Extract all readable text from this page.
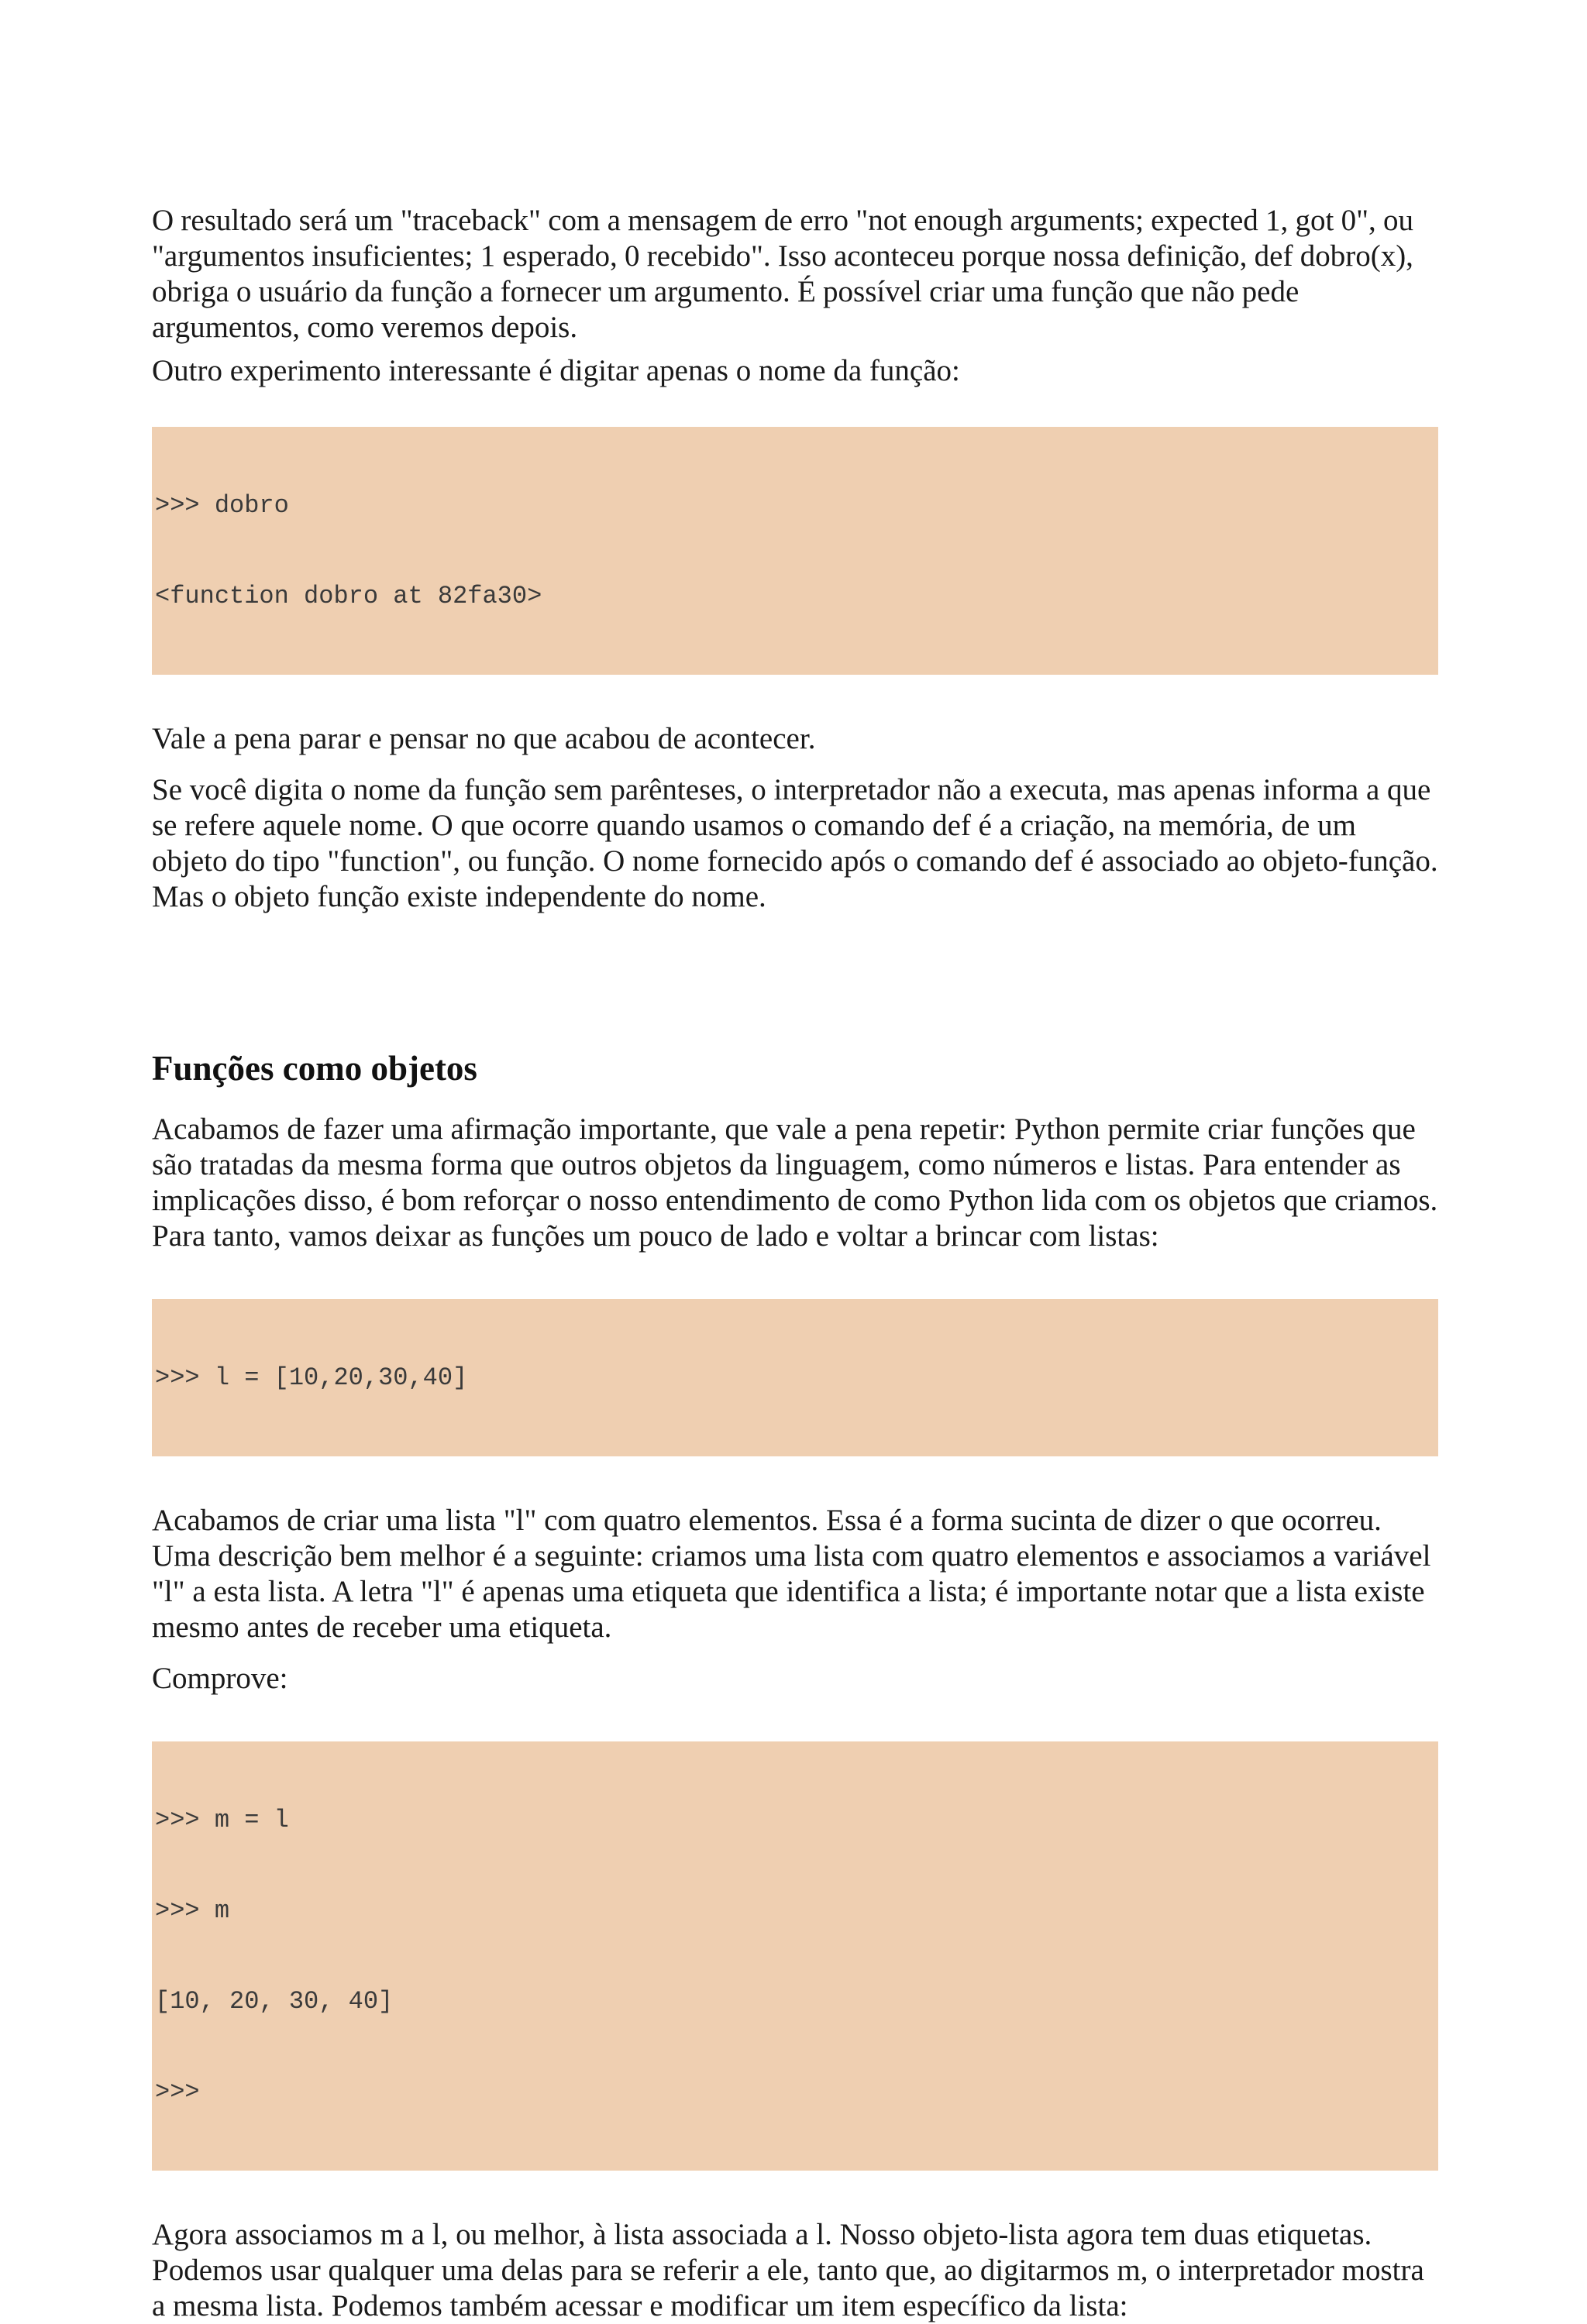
O resultado será um "traceback" com a mensagem de erro "not enough arguments; expected 1, got 0", ou "argumentos insuficientes; 1 esperado, 0 recebido". Isso aconteceu porque nossa definição, def dobro(x), obriga o usuário da função a fornecer um argumento. É possível criar uma função que não pede argumentos, como veremos depois.

Outro experimento interessante é digitar apenas o nome da função:

>>> dobro

<function dobro at 82fa30>

Vale a pena parar e pensar no que acabou de acontecer.

Se você digita o nome da função sem parênteses, o interpretador não a executa, mas apenas informa a que se refere aquele nome. O que ocorre quando usamos o comando def é a criação, na memória, de um objeto do tipo "function", ou função. O nome fornecido após o comando def é associado ao objeto-função. Mas o objeto função existe independente do nome.

Funções como objetos

Acabamos de fazer uma afirmação importante, que vale a pena repetir: Python permite criar funções que são tratadas da mesma forma que outros objetos da linguagem, como números e listas. Para entender as implicações disso, é bom reforçar o nosso entendimento de como Python lida com os objetos que criamos. Para tanto, vamos deixar as funções um pouco de lado e voltar a brincar com listas:

>>> l = [10,20,30,40]

Acabamos de criar uma lista "l" com quatro elementos. Essa é a forma sucinta de dizer o que ocorreu. Uma descrição bem melhor é a seguinte: criamos uma lista com quatro elementos e associamos a variável "l" a esta lista. A letra "l" é apenas uma etiqueta que identifica a lista; é importante notar que a lista existe mesmo antes de receber uma etiqueta.

Comprove:

>>> m = l

>>> m

[10, 20, 30, 40]

>>>

Agora associamos m a l, ou melhor, à lista associada a l. Nosso objeto-lista agora tem duas etiquetas. Podemos usar qualquer uma delas para se referir a ele, tanto que, ao digitarmos m, o interpretador mostra a mesma lista. Podemos também acessar e modificar um item específico da lista:
